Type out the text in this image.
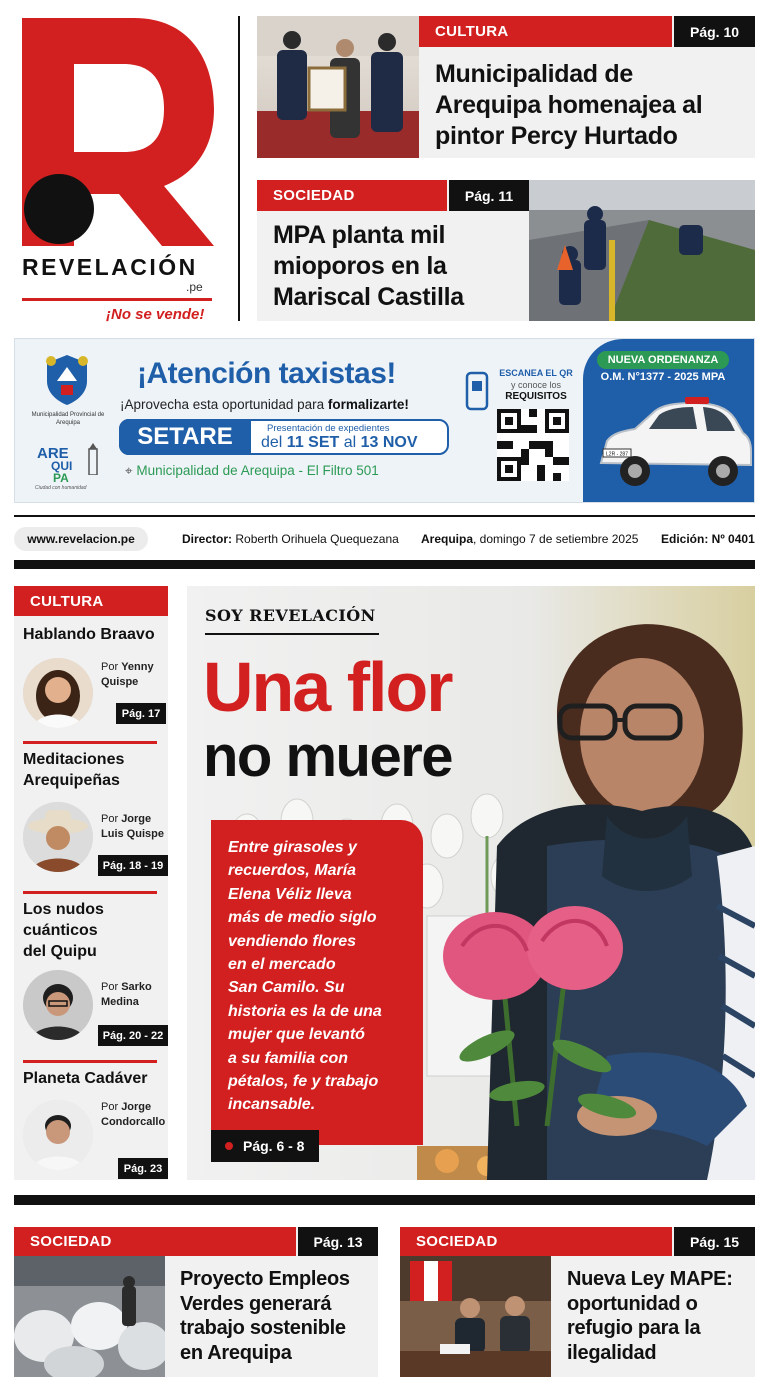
REVELACIÓN
.pe
¡No se vende!
CULTURA	Pág. 10
Municipalidad de
Arequipa homenajea al
pintor Percy Hurtado
SOCIEDAD	Pág. 11
MPA planta mil
mioporos en la
Mariscal Castilla
Municipalidad Provincial de Arequipa
ARE
QUI
PA
Ciudad con humanidad
¡Atención taxistas!
¡Aprovecha esta oportunidad para formalizarte!
SETARE	Presentación de expedientes
del 11 SET al 13 NOV
⌖ Municipalidad de Arequipa - El Filtro 501
ESCANEA EL QR
y conoce los
REQUISITOS
NUEVA ORDENANZA
O.M. N°1377 - 2025 MPA
L2R - 287
www.revelacion.pe	Director: Roberth Orihuela Quequezana Arequipa, domingo 7 de setiembre 2025 Edición: Nº 0401
CULTURA
Hablando Braavo
Por Yenny
Quispe
Pág. 17
Meditaciones
Arequipeñas
Por Jorge
Luis Quispe
Pág. 18 - 19
Los nudos
cuánticos
del Quipu
Por Sarko
Medina
Pág. 20 - 22
Planeta Cadáver
Por Jorge
Condorcallo
Pág. 23
SOY REVELACIÓN
Una flor
no muere
Entre girasoles y
recuerdos, María
Elena Véliz lleva
más de medio siglo
vendiendo flores
en el mercado
San Camilo. Su
historia es la de una
mujer que levantó
a su familia con
pétalos, fe y trabajo
incansable.
Pág. 6 - 8
SOCIEDAD	Pág. 13
Proyecto Empleos
Verdes generará
trabajo sostenible
en Arequipa
SOCIEDAD	Pág. 15
Nueva Ley MAPE:
oportunidad o
refugio para la
ilegalidad
